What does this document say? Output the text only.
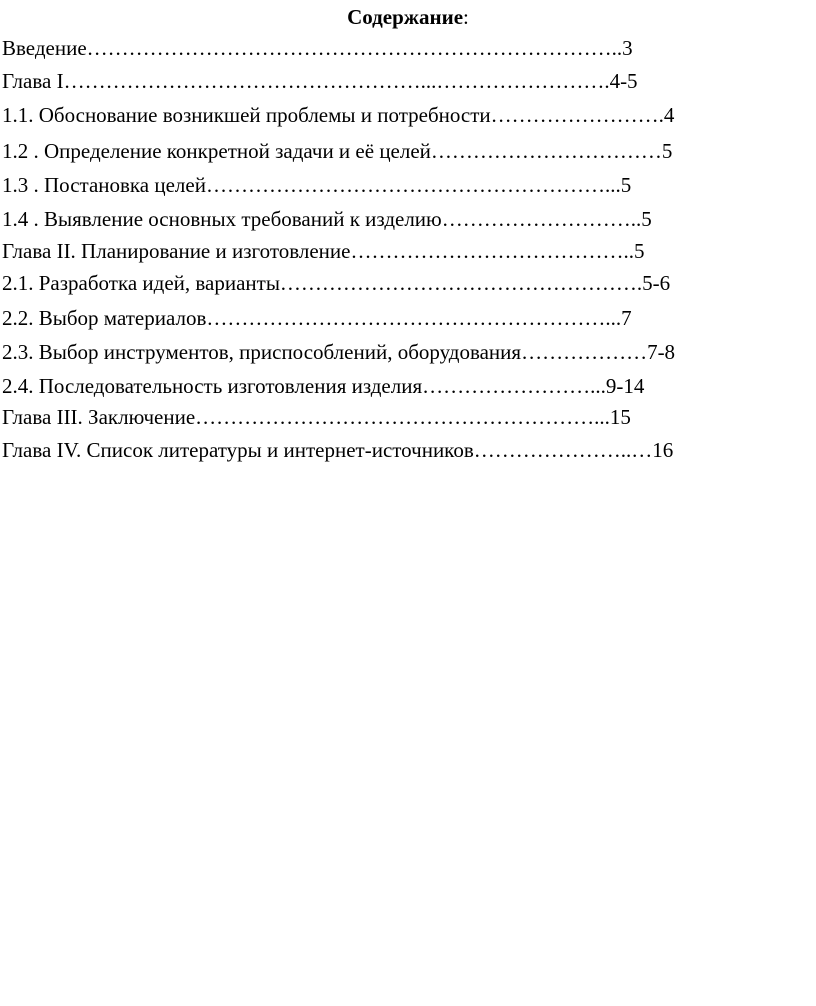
Содержание:
Введение…………………………………………………………………..3
Глава I……………………………………………...…………………….4-5
1.1. Обоснование возникшей проблемы и потребности…………………….4
1.2 . Определение конкретной задачи и её целей……………………………5
1.3 . Постановка целей…………………………………………………...5
1.4 . Выявление основных требований к изделию………………………..5
Глава II. Планирование и изготовление…………………………………..5
2.1. Разработка идей, варианты…………………………………………….5-6
2.2. Выбор материалов…………………………………………………...7
2.3. Выбор инструментов, приспособлений, оборудования………………7-8
2.4. Последовательность изготовления изделия……………………...9-14
Глава III. Заключение…………………………………………………...15
Глава IV. Список литературы и интернет-источников…………………..…16
